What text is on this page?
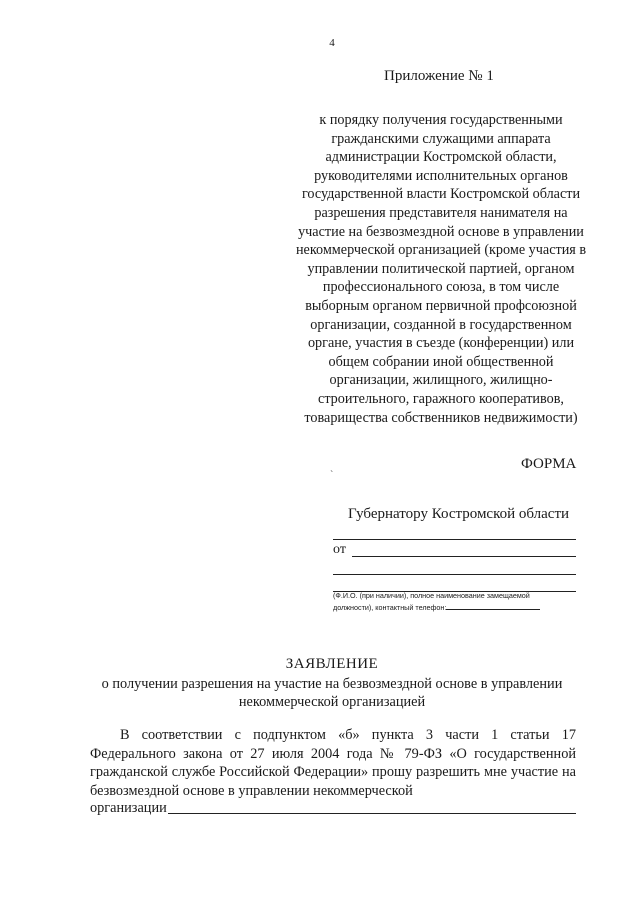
4
Приложение № 1
к порядку получения государственными гражданскими служащими аппарата администрации Костромской области, руководителями исполнительных органов государственной власти Костромской области разрешения представителя нанимателя на участие на безвозмездной основе в управлении некоммерческой организацией (кроме участия в управлении политической партией, органом профессионального союза, в том числе выборным органом первичной профсоюзной организации, созданной в государственном органе, участия в съезде (конференции) или общем собрании иной общественной организации, жилищного, жилищно-строительного, гаражного кооперативов, товарищества собственников недвижимости)
ФОРМА
`
Губернатору Костромской области
от
(Ф.И.О. (при наличии), полное наименование замещаемой
должности), контактный телефон:
ЗАЯВЛЕНИЕ
о получении разрешения на участие на безвозмездной основе в управлении некоммерческой организацией

В соответствии с подпунктом «б» пункта 3 части 1 статьи 17 Федерального закона от 27 июля 2004 года № 79-ФЗ «О государственной гражданской службе Российской Федерации» прошу разрешить мне участие на безвозмездной основе в управлении некоммерческой

организации
